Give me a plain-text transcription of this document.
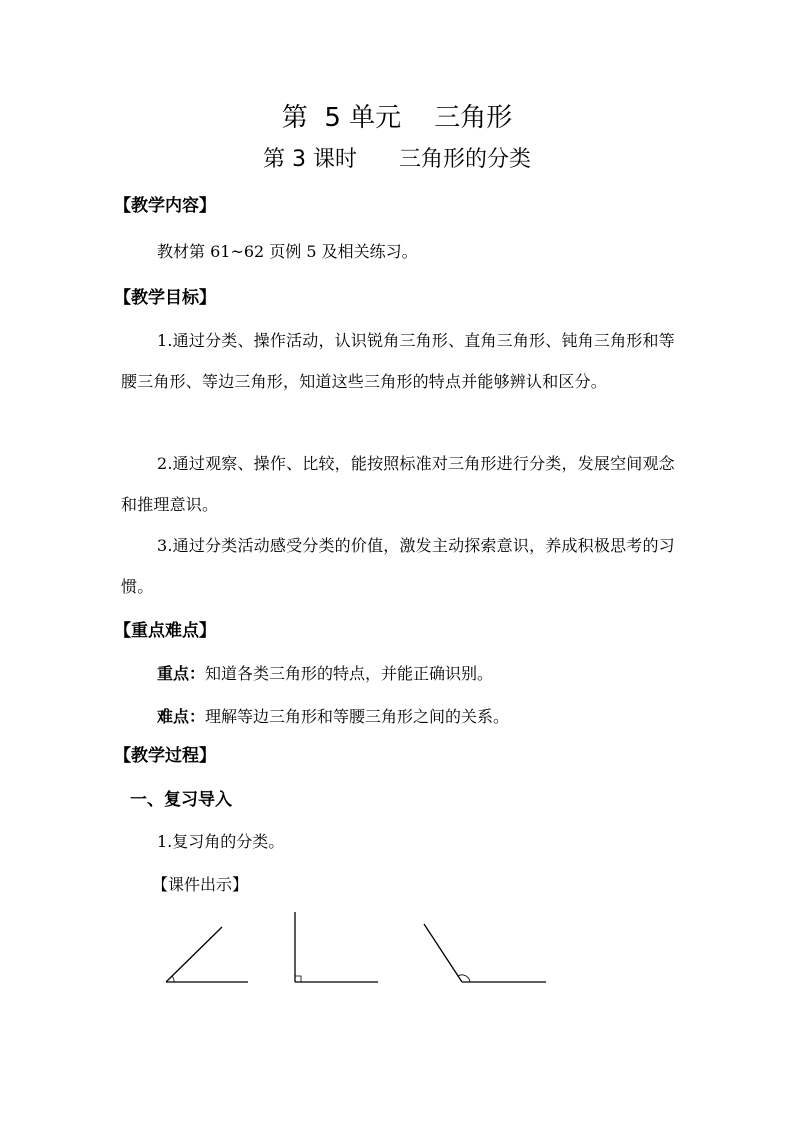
第  5 单元    三角形
第 3 课时      三角形的分类
【教学内容】
教材第 61~62 页例 5 及相关练习。
【教学目标】
1.通过分类、操作活动，认识锐角三角形、直角三角形、钝角三角形和等腰三角形、等边三角形，知道这些三角形的特点并能够辨认和区分。
2.通过观察、操作、比较，能按照标准对三角形进行分类，发展空间观念和推理意识。
3.通过分类活动感受分类的价值，激发主动探索意识，养成积极思考的习惯。
【重点难点】
重点：知道各类三角形的特点，并能正确识别。
难点：理解等边三角形和等腰三角形之间的关系。
【教学过程】
一、复习导入
1.复习角的分类。
【课件出示】
